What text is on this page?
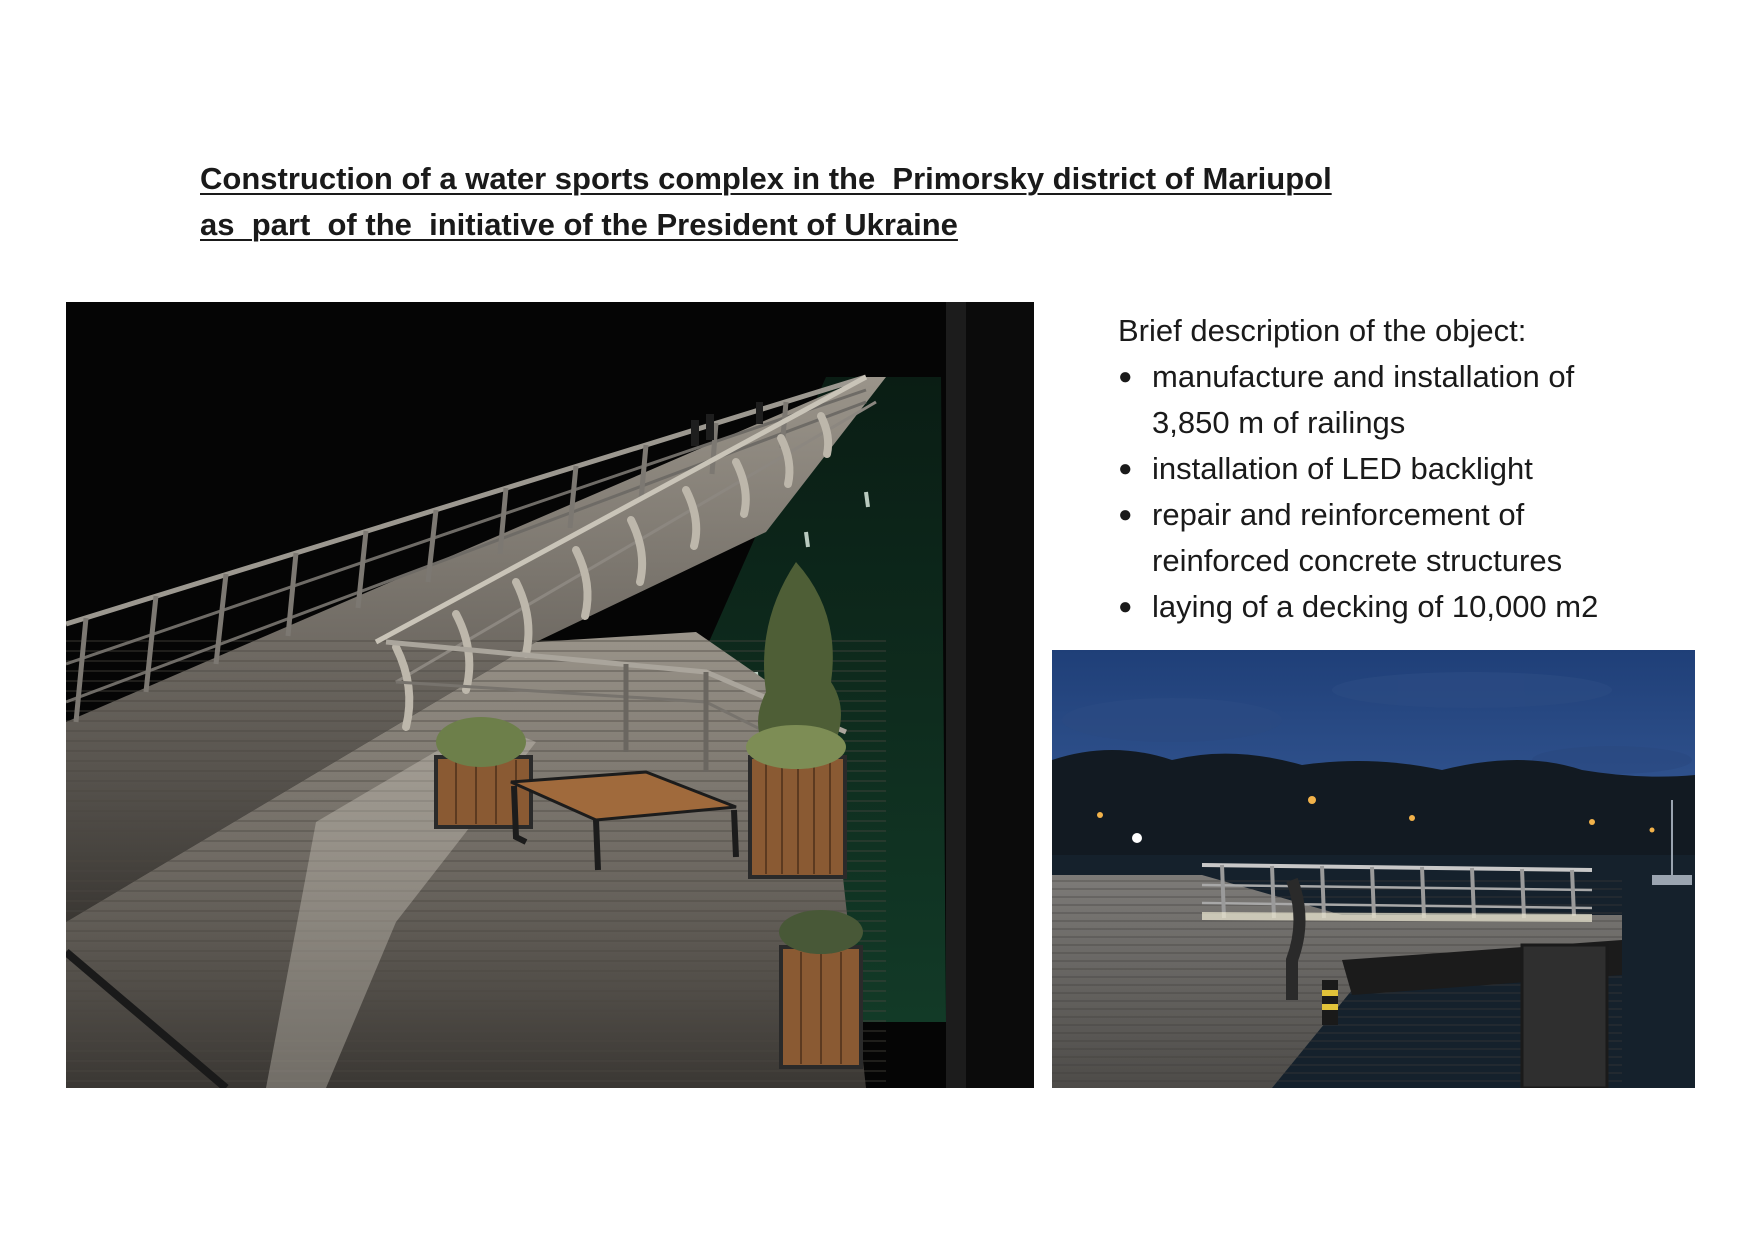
Construction of a water sports complex in the  Primorsky district of Mariupol
as  part  of the  initiative of the President of Ukraine
Brief description of the object:
● manufacture and installation of
3,850 m of railings
● installation of LED backlight
● repair and reinforcement of
reinforced concrete structures
● laying of a decking of 10,000 m2
